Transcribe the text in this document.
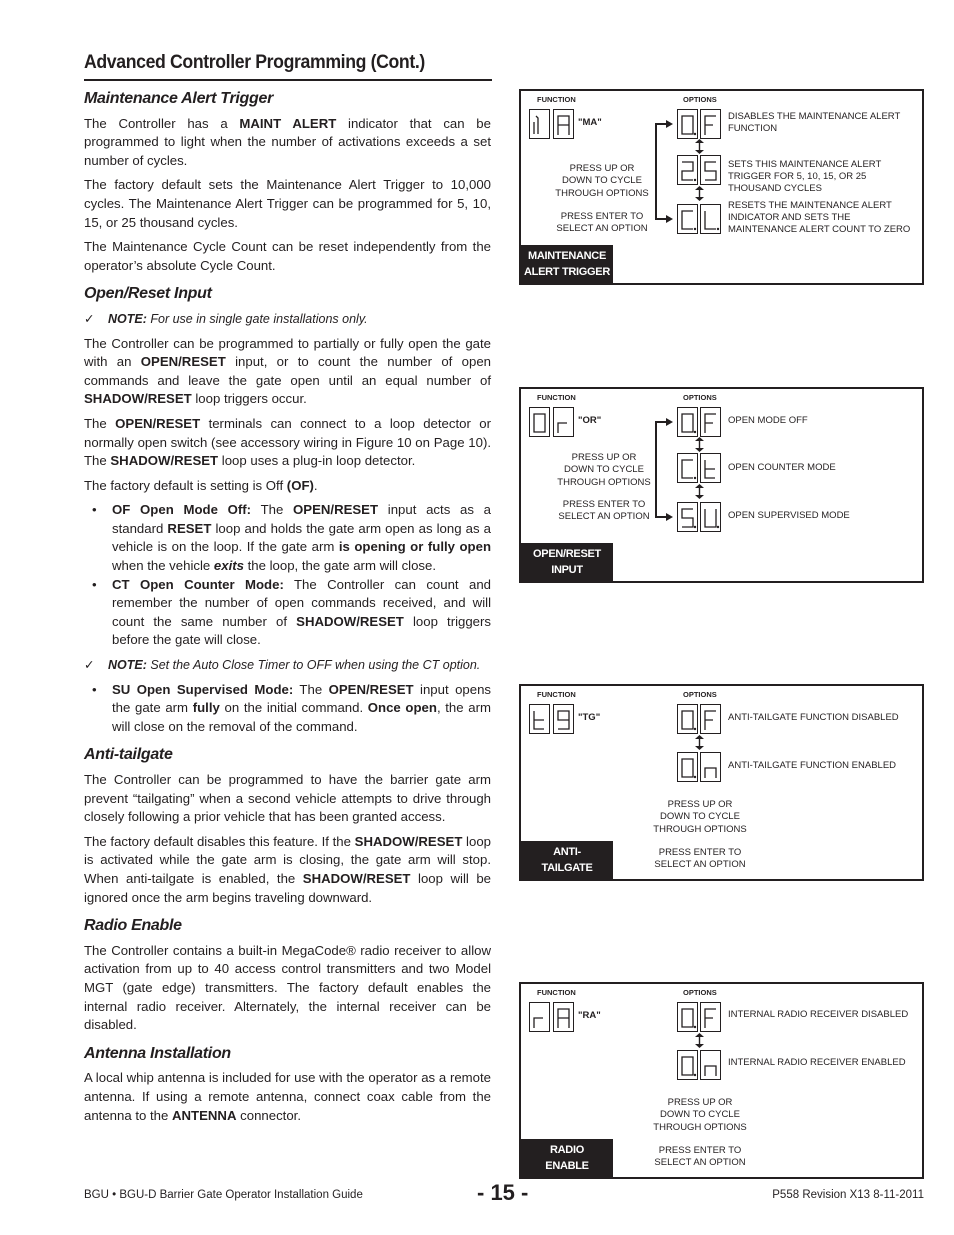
Advanced Controller Programming (Cont.)
Maintenance Alert Trigger

The Controller has a MAINT ALERT indicator that can be programmed to light when the number of activations exceeds a set number of cycles.

The factory default sets the Maintenance Alert Trigger to 10,000 cycles. The Maintenance Alert Trigger can be programmed for 5, 10, 15, or 25 thousand cycles.

The Maintenance Cycle Count can be reset independently from the operator’s absolute Cycle Count.

Open/Reset Input
✓	NOTE: For use in single gate installations only.

The Controller can be programmed to partially or fully open the gate with an OPEN/RESET input, or to count the number of open commands and leave the gate open until an equal number of SHADOW/RESET loop triggers occur.

The OPEN/RESET terminals can connect to a loop detector or normally open switch (see accessory wiring in Figure 10 on Page 10). The SHADOW/RESET loop uses a plug-in loop detector.

The factory default is setting is Off (OF).

•	OF Open Mode Off: The OPEN/RESET input acts as a standard RESET loop and holds the gate arm open as long as a vehicle is on the loop. If the gate arm is opening or fully open when the vehicle exits the loop, the gate arm will close.
•	CT Open Counter Mode: The Controller can count and remember the number of open commands received, and will count the same number of SHADOW/RESET loop triggers before the gate will close.
✓	NOTE: Set the Auto Close Timer to OFF when using the CT option.
•	SU Open Supervised Mode: The OPEN/RESET input opens the gate arm fully on the initial command. Once open, the arm will close on the removal of the command.
Anti-tailgate

The Controller can be programmed to have the barrier gate arm prevent “tailgating” when a second vehicle attempts to drive through closely following a prior vehicle that has been granted access.

The factory default disables this feature. If the SHADOW/RESET loop is activated while the gate arm is closing, the gate arm will stop. When anti-tailgate is enabled, the SHADOW/RESET loop will be ignored once the arm begins traveling downward.

Radio Enable

The Controller contains a built-in MegaCode® radio receiver to allow activation from up to 40 access control transmitters and two Model MGT (gate edge) transmitters. The factory default enables the internal radio receiver. Alternately, the internal receiver can be disabled.

Antenna Installation

A local whip antenna is included for use with the operator as a remote antenna. If using a remote antenna, connect coax cable from the antenna to the ANTENNA connector.

FUNCTION	OPTIONS
"MA"
DISABLES THE MAINTENANCE ALERT FUNCTION
SETS THIS MAINTENANCE ALERT TRIGGER FOR 5, 10, 15, OR 25 THOUSAND CYCLES
RESETS THE MAINTENANCE ALERT INDICATOR AND SETS THE MAINTENANCE ALERT COUNT TO ZERO
PRESS UP OR
DOWN TO CYCLE
THROUGH OPTIONS
PRESS ENTER TO
SELECT AN OPTION
MAINTENANCE
ALERT TRIGGER
FUNCTION	OPTIONS
"OR"	OPEN MODE OFF
OPEN COUNTER MODE
OPEN SUPERVISED MODE
PRESS UP OR
DOWN TO CYCLE
THROUGH OPTIONS
PRESS ENTER TO
SELECT AN OPTION
OPEN/RESET
INPUT
FUNCTION	OPTIONS
"TG"	ANTI-TAILGATE FUNCTION DISABLED
ANTI-TAILGATE FUNCTION ENABLED
PRESS UP OR
DOWN TO CYCLE
THROUGH OPTIONS
PRESS ENTER TO
SELECT AN OPTION
ANTI-
TAILGATE
FUNCTION	OPTIONS
"RA"	INTERNAL RADIO RECEIVER DISABLED
INTERNAL RADIO RECEIVER ENABLED
PRESS UP OR
DOWN TO CYCLE
THROUGH OPTIONS
PRESS ENTER TO
SELECT AN OPTION
RADIO
ENABLE
BGU • BGU-D Barrier Gate Operator Installation Guide	- 15 -	P558 Revision X13 8-11-2011
